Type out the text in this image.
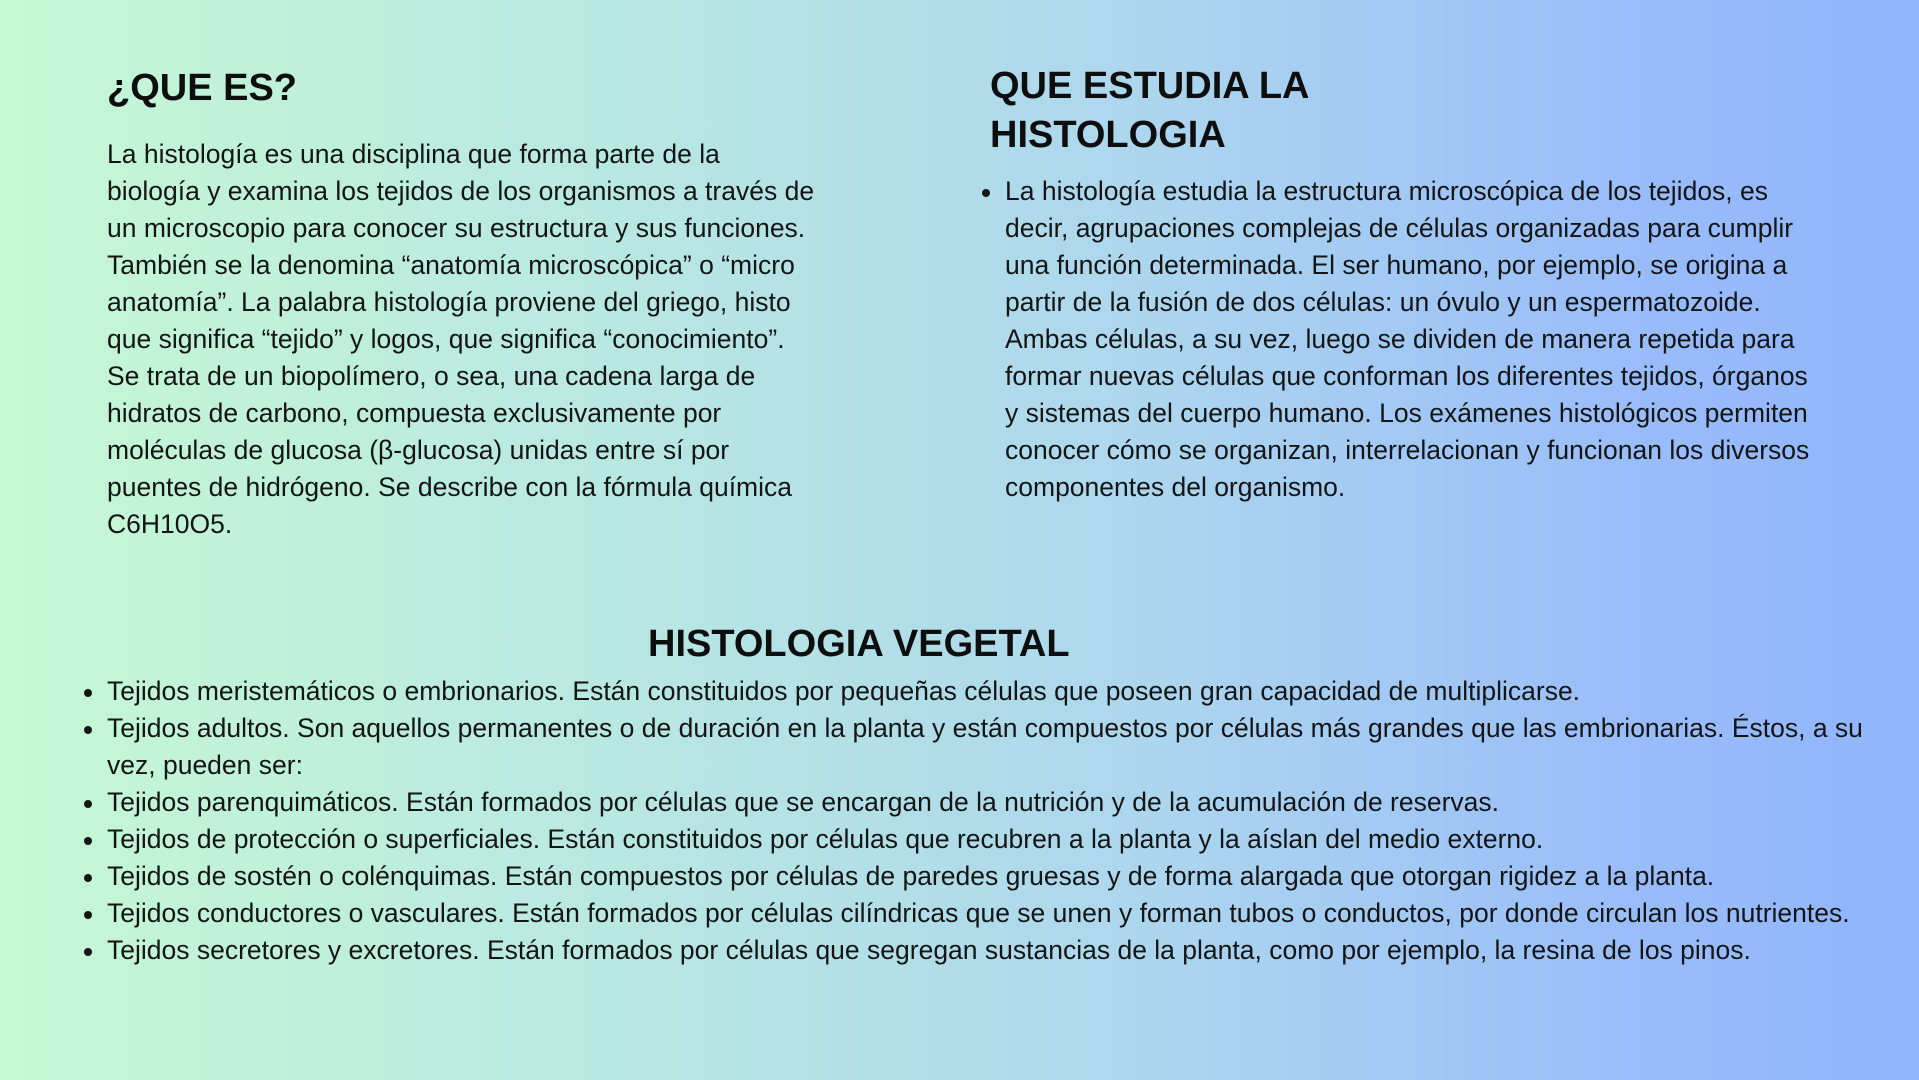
¿QUE ES?

La histología es una disciplina que forma parte de la biología y examina los tejidos de los organismos a través de un microscopio para conocer su estructura y sus funciones. También se la denomina “anatomía microscópica” o “micro anatomía”. La palabra histología proviene del griego, histo que significa “tejido” y logos, que significa “conocimiento”.

Se trata de un biopolímero, o sea, una cadena larga de hidratos de carbono, compuesta exclusivamente por moléculas de glucosa (β-glucosa) unidas entre sí por puentes de hidrógeno. Se describe con la fórmula química C6H10O5.

QUE ESTUDIA LA HISTOLOGIA
La histología estudia la estructura microscópica de los tejidos, es decir, agrupaciones complejas de células organizadas para cumplir una función determinada. El ser humano, por ejemplo, se origina a partir de la fusión de dos células: un óvulo y un espermatozoide. Ambas células, a su vez, luego se dividen de manera repetida para formar nuevas células que conforman los diferentes tejidos, órganos y sistemas del cuerpo humano. Los exámenes histológicos permiten conocer cómo se organizan, interrelacionan y funcionan los diversos componentes del organismo.
HISTOLOGIA VEGETAL
Tejidos meristemáticos o embrionarios. Están constituidos por pequeñas células que poseen gran capacidad de multiplicarse.
Tejidos adultos. Son aquellos permanentes o de duración en la planta y están compuestos por células más grandes que las embrionarias. Éstos, a su vez, pueden ser:
Tejidos parenquimáticos. Están formados por células que se encargan de la nutrición y de la acumulación de reservas.
Tejidos de protección o superficiales. Están constituidos por células que recubren a la planta y la aíslan del medio externo.
Tejidos de sostén o colénquimas. Están compuestos por células de paredes gruesas y de forma alargada que otorgan rigidez a la planta.
Tejidos conductores o vasculares. Están formados por células cilíndricas que se unen y forman tubos o conductos, por donde circulan los nutrientes.
Tejidos secretores y excretores. Están formados por células que segregan sustancias de la planta, como por ejemplo, la resina de los pinos.
